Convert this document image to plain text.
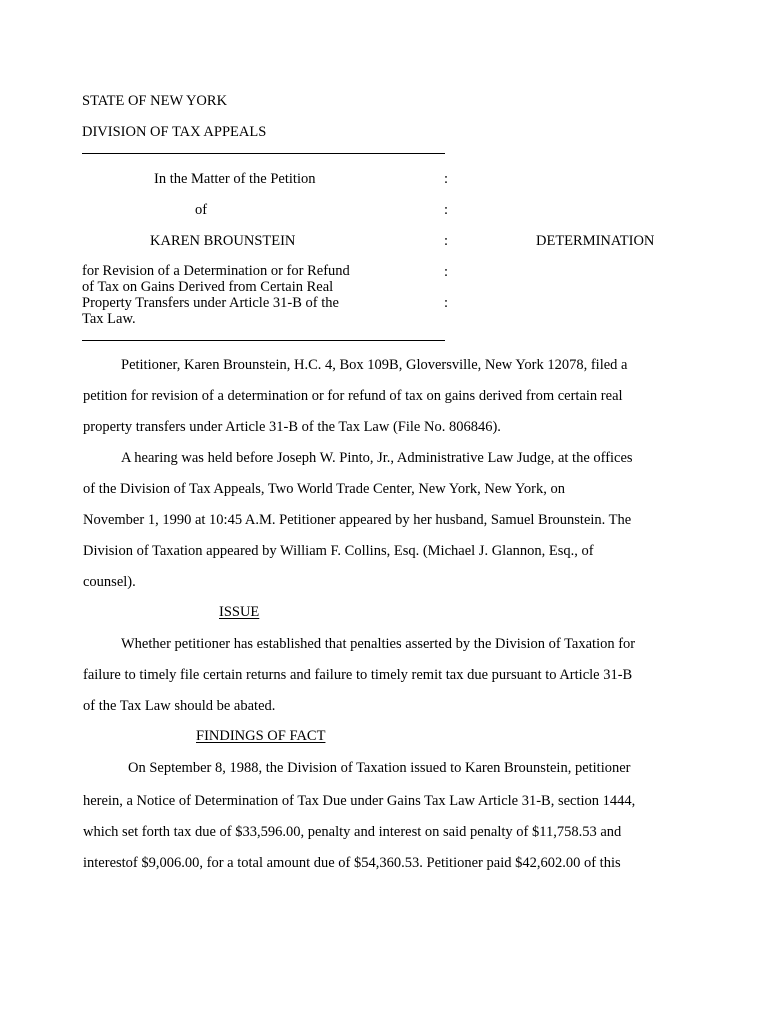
STATE OF NEW YORK
DIVISION OF TAX APPEALS
In the Matter of the Petition
of
KAREN BROUNSTEIN	DETERMINATION
:
:
:
:
:
for Revision of a Determination or for Refund
of Tax on Gains Derived from Certain Real
Property Transfers under Article 31-B of the
Tax Law.
Petitioner, Karen Brounstein, H.C. 4, Box 109B, Gloversville, New York 12078, filed a
petition for revision of a determination or for refund of tax on gains derived from certain real
property transfers under Article 31-B of the Tax Law (File No. 806846).
A hearing was held before Joseph W. Pinto, Jr., Administrative Law Judge, at the offices
of the Division of Tax Appeals, Two World Trade Center, New York, New York, on
November 1, 1990 at 10:45 A.M. Petitioner appeared by her husband, Samuel Brounstein. The
Division of Taxation appeared by William F. Collins, Esq. (Michael J. Glannon, Esq., of
counsel).
ISSUE
Whether petitioner has established that penalties asserted by the Division of Taxation for
failure to timely file certain returns and failure to timely remit tax due pursuant to Article 31-B
of the Tax Law should be abated.
FINDINGS OF FACT
On September 8, 1988, the Division of Taxation issued to Karen Brounstein, petitioner
herein, a Notice of Determination of Tax Due under Gains Tax Law Article 31-B, section 1444,
which set forth tax due of $33,596.00, penalty and interest on said penalty of $11,758.53 and
interestof $9,006.00, for a total amount due of $54,360.53. Petitioner paid $42,602.00 of this
